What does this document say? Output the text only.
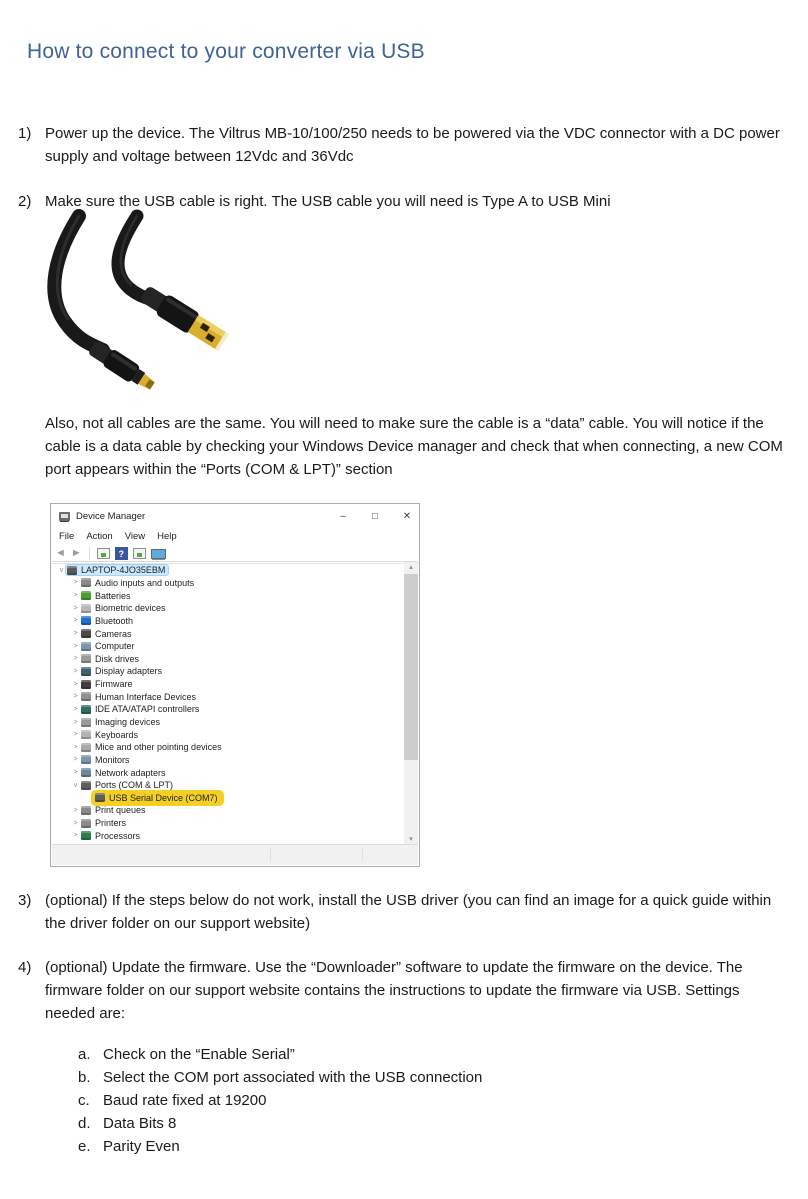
How to connect to your converter via USB
1) Power up the device. The Viltrus MB-10/100/250 needs to be powered via the VDC connector with a DC power supply and voltage between 12Vdc and 36Vdc
2) Make sure the USB cable is right. The USB cable you will need is Type A to USB Mini
Also, not all cables are the same. You will need to make sure the cable is a “data” cable. You will notice if the cable is a data cable by checking your Windows Device manager and check that when connecting, a new COM port appears within the “Ports (COM & LPT)” section
Device Manager	–	□	✕
File	Action	View	Help
◄ ►	?
v	LAPTOP-4JO35EBM
> Audio inputs and outputs
> Batteries
> Biometric devices
> Bluetooth
> Cameras
> Computer
> Disk drives
> Display adapters
> Firmware
> Human Interface Devices
> IDE ATA/ATAPI controllers
> Imaging devices
> Keyboards
> Mice and other pointing devices
> Monitors
> Network adapters
v	Ports (COM & LPT)
USB Serial Device (COM7)
> Print queues
> Printers
> Processors
▴
▾
3) (optional) If the steps below do not work, install the USB driver (you can find an image for a quick guide within the driver folder on our support website)
4) (optional) Update the firmware. Use the “Downloader” software to update the firmware on the device. The firmware folder on our support website contains the instructions to update the firmware via USB. Settings needed are:
a. Check on the “Enable Serial”
b. Select the COM port associated with the USB connection
c. Baud rate fixed at 19200
d. Data Bits 8
e. Parity Even
